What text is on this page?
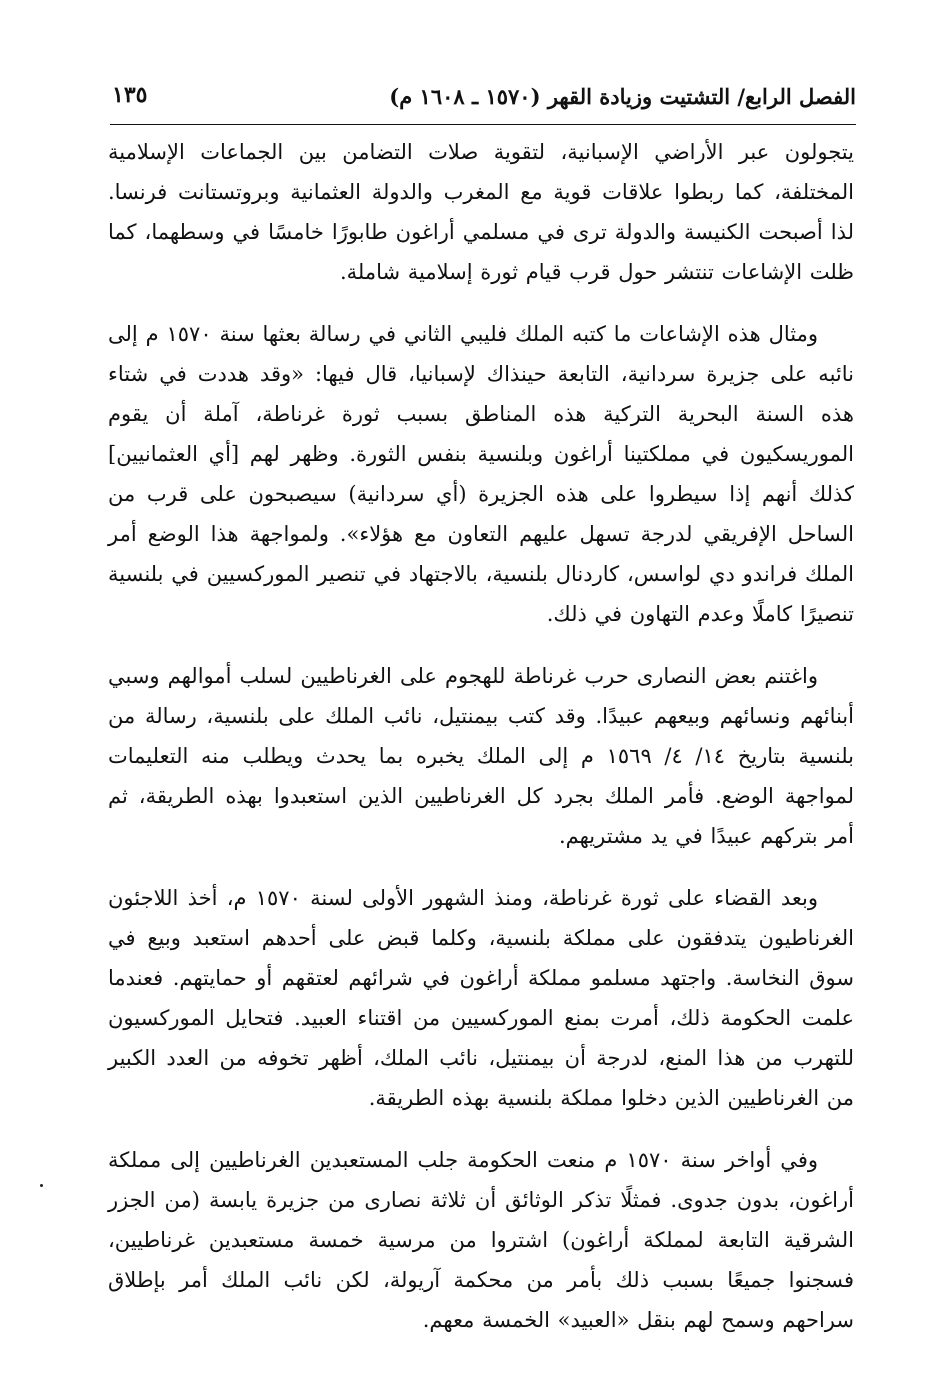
الفصل الرابع/ التشتيت وزيادة القهر (١٥٧٠ ـ ١٦٠٨ م)
١٣٥

يتجولون عبر الأراضي الإسبانية، لتقوية صلات التضامن بين الجماعات الإسلامية المختلفة، كما ربطوا علاقات قوية مع المغرب والدولة العثمانية وبروتستانت فرنسا. لذا أصبحت الكنيسة والدولة ترى في مسلمي أراغون طابورًا خامسًا في وسطهما، كما ظلت الإشاعات تنتشر حول قرب قيام ثورة إسلامية شاملة.

ومثال هذه الإشاعات ما كتبه الملك فليبي الثاني في رسالة بعثها سنة ١٥٧٠ م إلى نائبه على جزيرة سردانية، التابعة حينذاك لإسبانيا، قال فيها: «وقد هددت في شتاء هذه السنة البحرية التركية هذه المناطق بسبب ثورة غرناطة، آملة أن يقوم الموريسكيون في مملكتينا أراغون وبلنسية بنفس الثورة. وظهر لهم [أي العثمانيين] كذلك أنهم إذا سيطروا على هذه الجزيرة (أي سردانية) سيصبحون على قرب من الساحل الإفريقي لدرجة تسهل عليهم التعاون مع هؤلاء». ولمواجهة هذا الوضع أمر الملك فراندو دي لواسس، كاردنال بلنسية، بالاجتهاد في تنصير الموركسيين في بلنسية تنصيرًا كاملًا وعدم التهاون في ذلك.

واغتنم بعض النصارى حرب غرناطة للهجوم على الغرناطيين لسلب أموالهم وسبي أبنائهم ونسائهم وبيعهم عبيدًا. وقد كتب بيمنتيل، نائب الملك على بلنسية، رسالة من بلنسية بتاريخ ١٤/ ٤/ ١٥٦٩ م إلى الملك يخبره بما يحدث ويطلب منه التعليمات لمواجهة الوضع. فأمر الملك بجرد كل الغرناطيين الذين استعبدوا بهذه الطريقة، ثم أمر بتركهم عبيدًا في يد مشتريهم.

وبعد القضاء على ثورة غرناطة، ومنذ الشهور الأولى لسنة ١٥٧٠ م، أخذ اللاجئون الغرناطيون يتدفقون على مملكة بلنسية، وكلما قبض على أحدهم استعبد وبيع في سوق النخاسة. واجتهد مسلمو مملكة أراغون في شرائهم لعتقهم أو حمايتهم. فعندما علمت الحكومة ذلك، أمرت بمنع الموركسيين من اقتناء العبيد. فتحايل الموركسيون للتهرب من هذا المنع، لدرجة أن بيمنتيل، نائب الملك، أظهر تخوفه من العدد الكبير من الغرناطيين الذين دخلوا مملكة بلنسية بهذه الطريقة.

وفي أواخر سنة ١٥٧٠ م منعت الحكومة جلب المستعبدين الغرناطيين إلى مملكة أراغون، بدون جدوى. فمثلًا تذكر الوثائق أن ثلاثة نصارى من جزيرة يابسة (من الجزر الشرقية التابعة لمملكة أراغون) اشتروا من مرسية خمسة مستعبدين غرناطيين، فسجنوا جميعًا بسبب ذلك بأمر من محكمة آريولة، لكن نائب الملك أمر بإطلاق سراحهم وسمح لهم بنقل «العبيد» الخمسة معهم.
